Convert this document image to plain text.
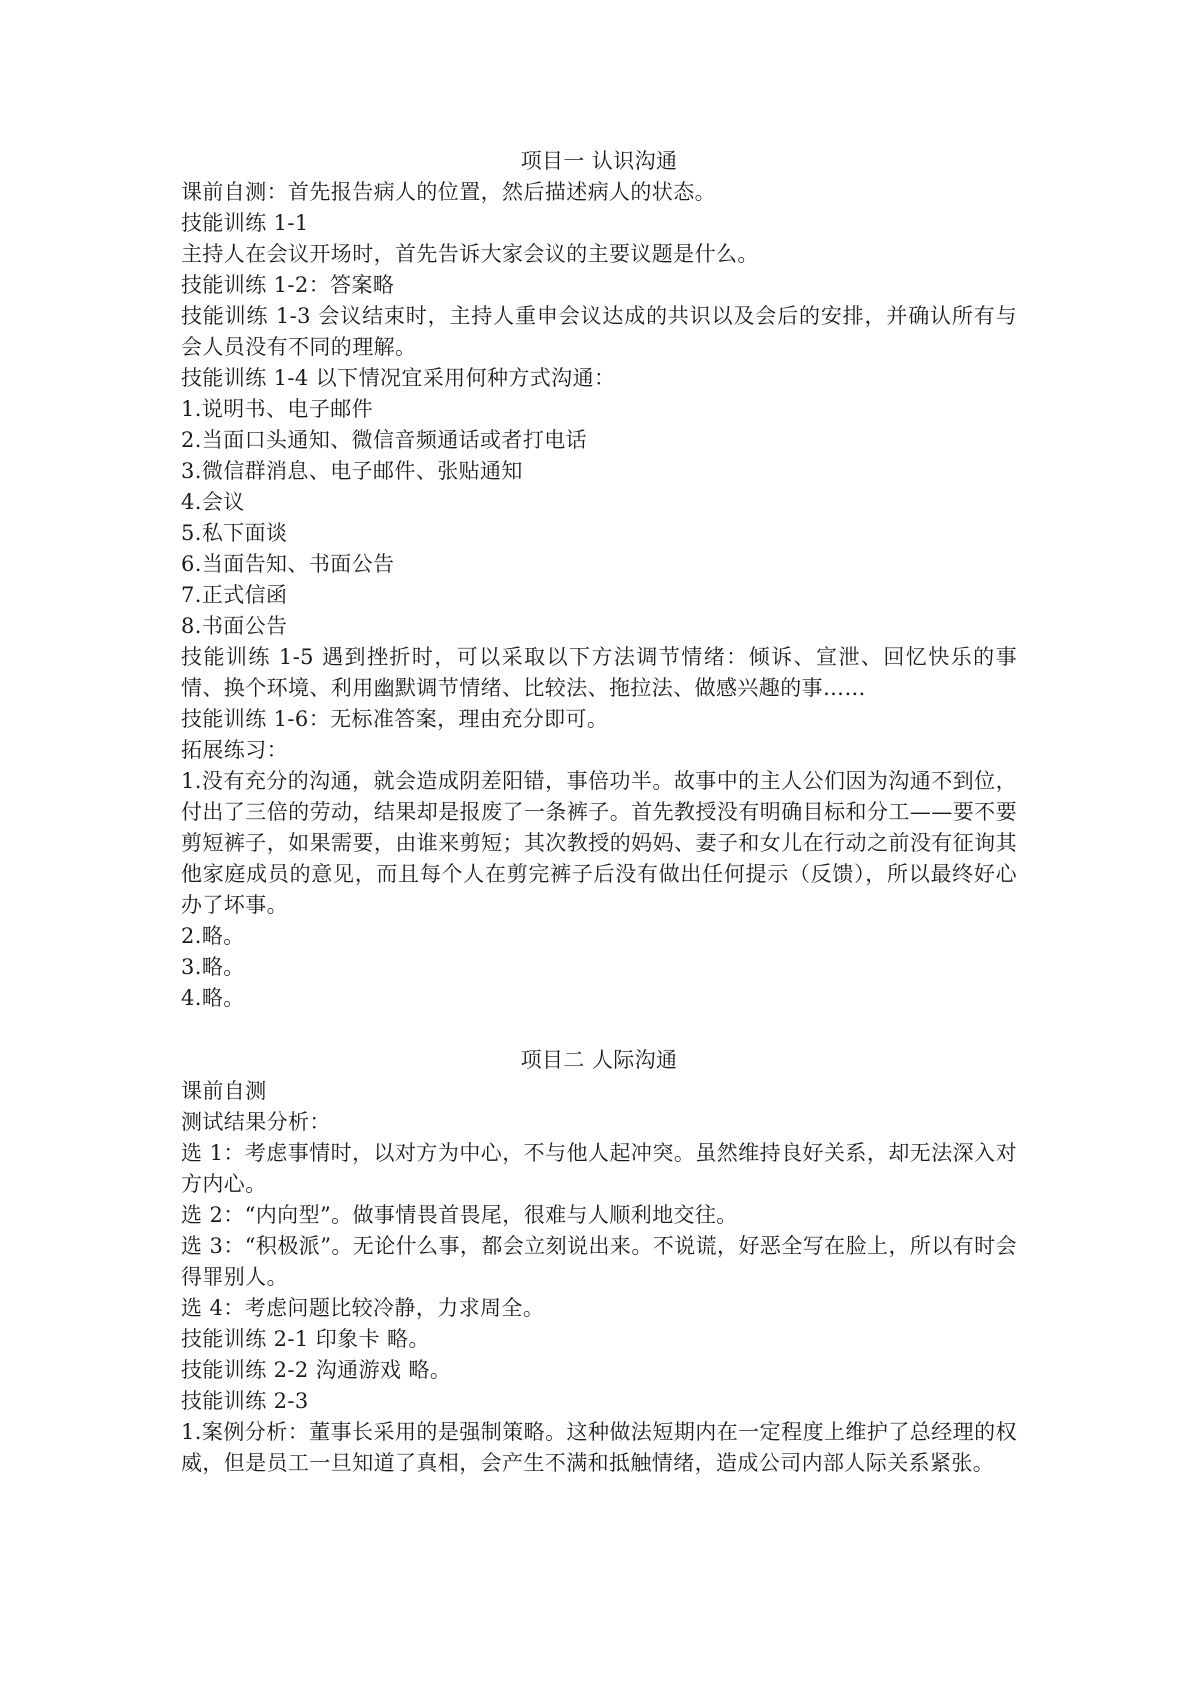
项目一 认识沟通
课前自测：首先报告病人的位置，然后描述病人的状态。
技能训练 1-1
主持人在会议开场时，首先告诉大家会议的主要议题是什么。
技能训练 1-2：答案略
技能训练 1-3 会议结束时，主持人重申会议达成的共识以及会后的安排，并确认所有与会人员没有不同的理解。
技能训练 1-4 以下情况宜采用何种方式沟通：
1.说明书、电子邮件
2.当面口头通知、微信音频通话或者打电话
3.微信群消息、电子邮件、张贴通知
4.会议
5.私下面谈
6.当面告知、书面公告
7.正式信函
8.书面公告
技能训练 1-5 遇到挫折时，可以采取以下方法调节情绪：倾诉、宣泄、回忆快乐的事情、换个环境、利用幽默调节情绪、比较法、拖拉法、做感兴趣的事……
技能训练 1-6：无标准答案，理由充分即可。
拓展练习：
1.没有充分的沟通，就会造成阴差阳错，事倍功半。故事中的主人公们因为沟通不到位，付出了三倍的劳动，结果却是报废了一条裤子。首先教授没有明确目标和分工——要不要剪短裤子，如果需要，由谁来剪短；其次教授的妈妈、妻子和女儿在行动之前没有征询其他家庭成员的意见，而且每个人在剪完裤子后没有做出任何提示（反馈），所以最终好心办了坏事。
2.略。
3.略。
4.略。
项目二 人际沟通
课前自测
测试结果分析：
选 1：考虑事情时，以对方为中心，不与他人起冲突。虽然维持良好关系，却无法深入对方内心。
选 2：“内向型”。做事情畏首畏尾，很难与人顺利地交往。
选 3：“积极派”。无论什么事，都会立刻说出来。不说谎，好恶全写在脸上，所以有时会得罪别人。
选 4：考虑问题比较冷静，力求周全。
技能训练 2-1 印象卡 略。
技能训练 2-2 沟通游戏 略。
技能训练 2-3
1.案例分析：董事长采用的是强制策略。这种做法短期内在一定程度上维护了总经理的权威，但是员工一旦知道了真相，会产生不满和抵触情绪，造成公司内部人际关系紧张。
